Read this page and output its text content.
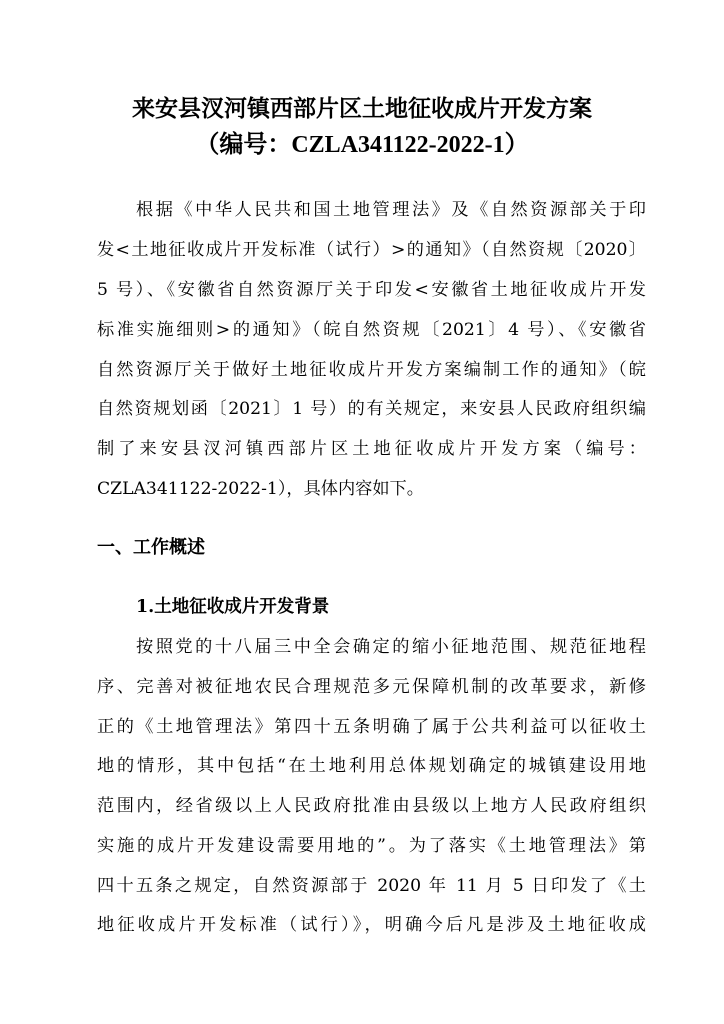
来安县汊河镇西部片区土地征收成片开发方案
（编号：CZLA341122-2022-1）
根据《中华人民共和国土地管理法》及《自然资源部关于印
发<土地征收成片开发标准（试行）>的通知》（自然资规〔2020〕
5 号）、《安徽省自然资源厅关于印发<安徽省土地征收成片开发
标准实施细则>的通知》（皖自然资规〔2021〕4 号）、《安徽省
自然资源厅关于做好土地征收成片开发方案编制工作的通知》（皖
自然资规划函〔2021〕1 号）的有关规定，来安县人民政府组织编
制了来安县汊河镇西部片区土地征收成片开发方案（编号：
CZLA341122-2022-1），具体内容如下。
一、工作概述
1.土地征收成片开发背景
按照党的十八届三中全会确定的缩小征地范围、规范征地程
序、完善对被征地农民合理规范多元保障机制的改革要求，新修
正的《土地管理法》第四十五条明确了属于公共利益可以征收土
地的情形，其中包括“在土地利用总体规划确定的城镇建设用地
范围内，经省级以上人民政府批准由县级以上地方人民政府组织
实施的成片开发建设需要用地的”。为了落实《土地管理法》第
四十五条之规定，自然资源部于 2020 年 11 月 5 日印发了《土
地征收成片开发标准（试行）》，明确今后凡是涉及土地征收成
